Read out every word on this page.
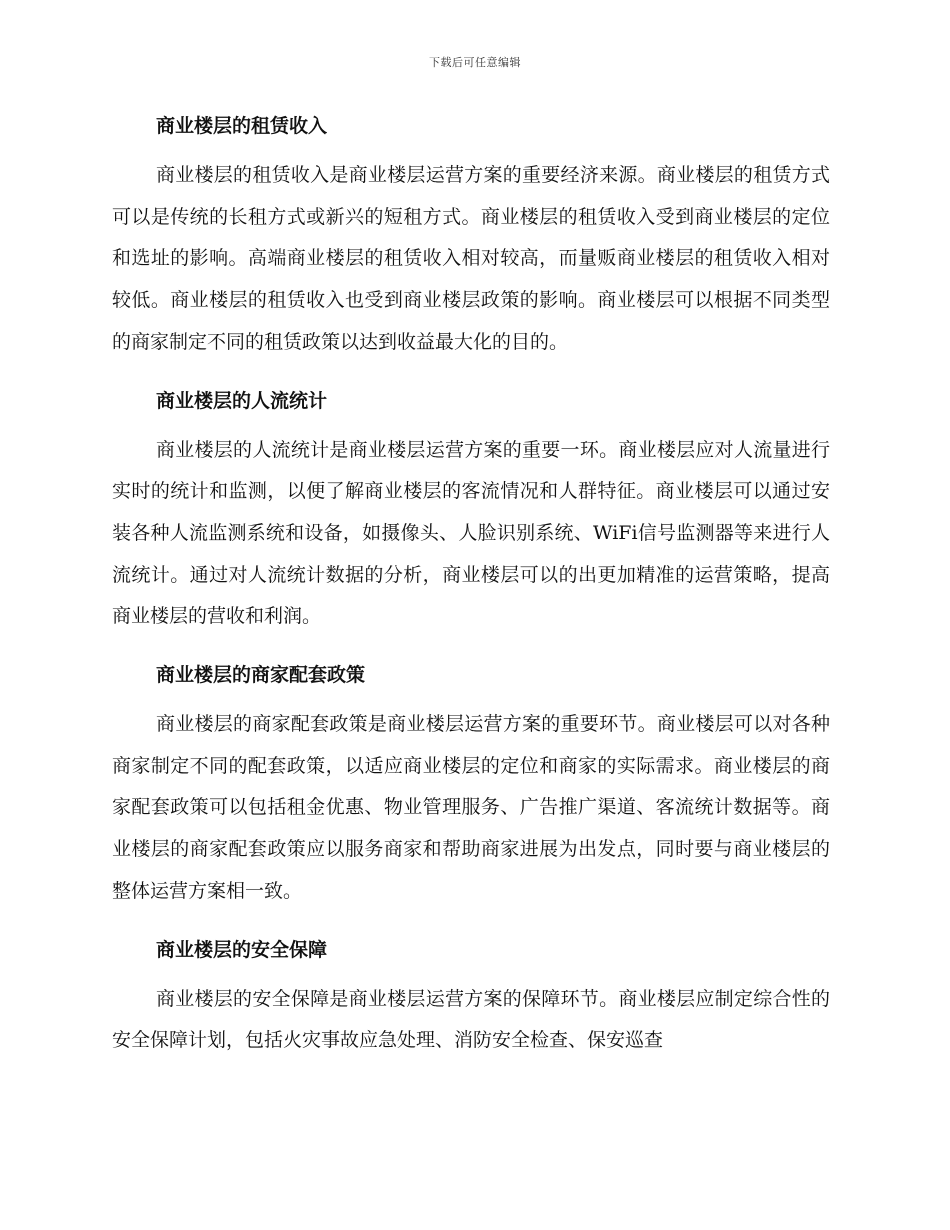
下载后可任意编辑
商业楼层的租赁收入

商业楼层的租赁收入是商业楼层运营方案的重要经济来源。商业楼层的租赁方式可以是传统的长租方式或新兴的短租方式。商业楼层的租赁收入受到商业楼层的定位和选址的影响。高端商业楼层的租赁收入相对较高，而量贩商业楼层的租赁收入相对较低。商业楼层的租赁收入也受到商业楼层政策的影响。商业楼层可以根据不同类型的商家制定不同的租赁政策以达到收益最大化的目的。

商业楼层的人流统计

商业楼层的人流统计是商业楼层运营方案的重要一环。商业楼层应对人流量进行实时的统计和监测，以便了解商业楼层的客流情况和人群特征。商业楼层可以通过安装各种人流监测系统和设备，如摄像头、人脸识别系统、WiFi信号监测器等来进行人流统计。通过对人流统计数据的分析，商业楼层可以的出更加精准的运营策略，提高商业楼层的营收和利润。

商业楼层的商家配套政策

商业楼层的商家配套政策是商业楼层运营方案的重要环节。商业楼层可以对各种商家制定不同的配套政策，以适应商业楼层的定位和商家的实际需求。商业楼层的商家配套政策可以包括租金优惠、物业管理服务、广告推广渠道、客流统计数据等。商业楼层的商家配套政策应以服务商家和帮助商家进展为出发点，同时要与商业楼层的整体运营方案相一致。

商业楼层的安全保障

商业楼层的安全保障是商业楼层运营方案的保障环节。商业楼层应制定综合性的安全保障计划，包括火灾事故应急处理、消防安全检查、保安巡查
